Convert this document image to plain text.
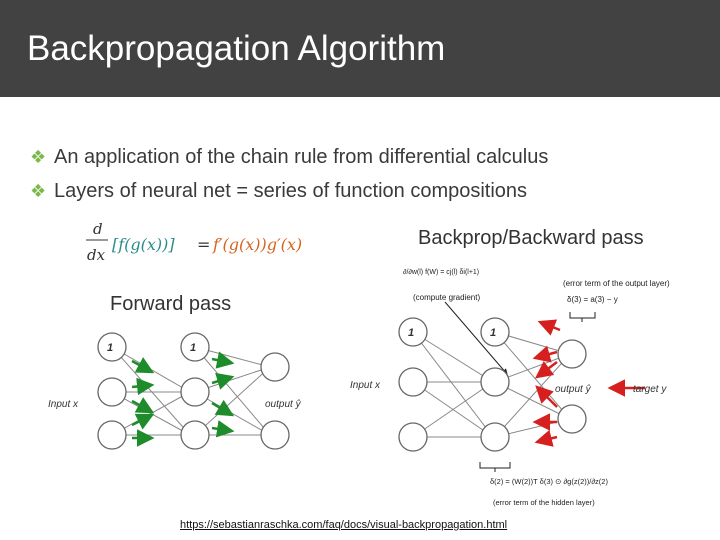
Backpropagation Algorithm
❖ An application of the chain rule from differential calculus
❖ Layers of neural net = series of function compositions
d
dx
[f(g(x))] = f′(g(x))g′(x)	Backprop/Backward pass
Forward pass
1	1
Input x	output ŷ
∂/∂w(l) f(W) = cj(l) δi(l+1)
(compute gradient)
(error term of the output layer)
δ(3) = a(3) − y
1	1
Input x	output ŷ	target y
δ(2) = (W(2))T δ(3) ⊙ ∂g(z(2))/∂z(2)
(error term of the hidden layer)
https://sebastianraschka.com/faq/docs/visual-backpropagation.html
